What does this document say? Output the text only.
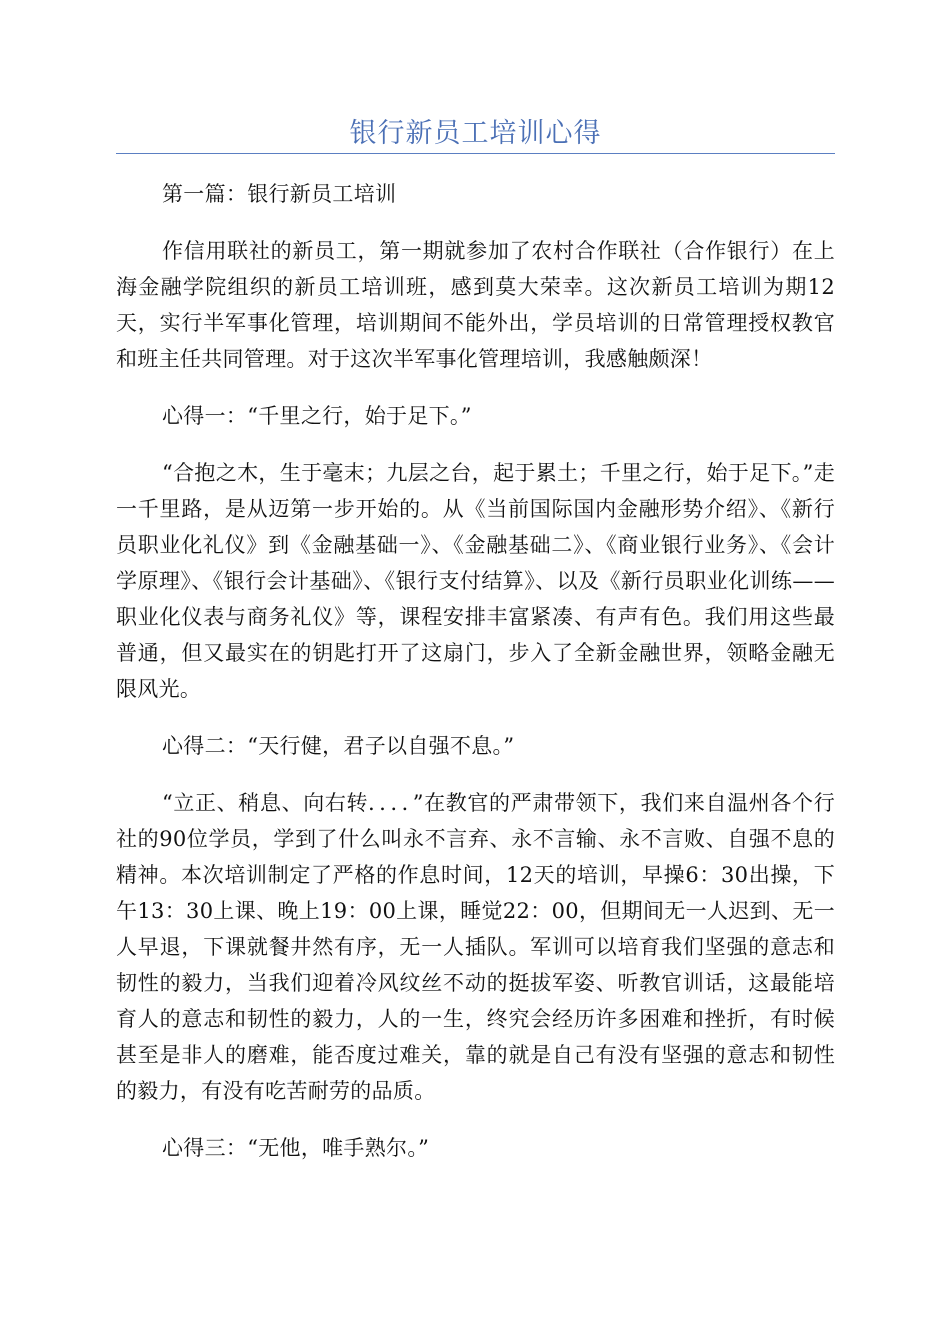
银行新员工培训心得

第一篇：银行新员工培训

作信用联社的新员工，第一期就参加了农村合作联社（合作银行）在上海金融学院组织的新员工培训班，感到莫大荣幸。这次新员工培训为期12天，实行半军事化管理，培训期间不能外出，学员培训的日常管理授权教官和班主任共同管理。对于这次半军事化管理培训，我感触颇深！

心得一：“千里之行，始于足下。”

“合抱之木，生于毫末；九层之台，起于累土；千里之行，始于足下。”走一千里路，是从迈第一步开始的。从《当前国际国内金融形势介绍》、《新行员职业化礼仪》到《金融基础一》、《金融基础二》、《商业银行业务》、《会计学原理》、《银行会计基础》、《银行支付结算》、以及《新行员职业化训练——职业化仪表与商务礼仪》等，课程安排丰富紧凑、有声有色。我们用这些最普通，但又最实在的钥匙打开了这扇门，步入了全新金融世界，领略金融无限风光。

心得二：“天行健，君子以自强不息。”

“立正、稍息、向右转．．．．”在教官的严肃带领下，我们来自温州各个行社的90位学员，学到了什么叫永不言弃、永不言输、永不言败、自强不息的精神。本次培训制定了严格的作息时间，12天的培训，早操6：30出操，下午13：30上课、晚上19：00上课，睡觉22：00，但期间无一人迟到、无一人早退，下课就餐井然有序，无一人插队。军训可以培育我们坚强的意志和韧性的毅力，当我们迎着冷风纹丝不动的挺拔军姿、听教官训话，这最能培育人的意志和韧性的毅力，人的一生，终究会经历许多困难和挫折，有时候甚至是非人的磨难，能否度过难关，靠的就是自己有没有坚强的意志和韧性的毅力，有没有吃苦耐劳的品质。

心得三：“无他，唯手熟尔。”
